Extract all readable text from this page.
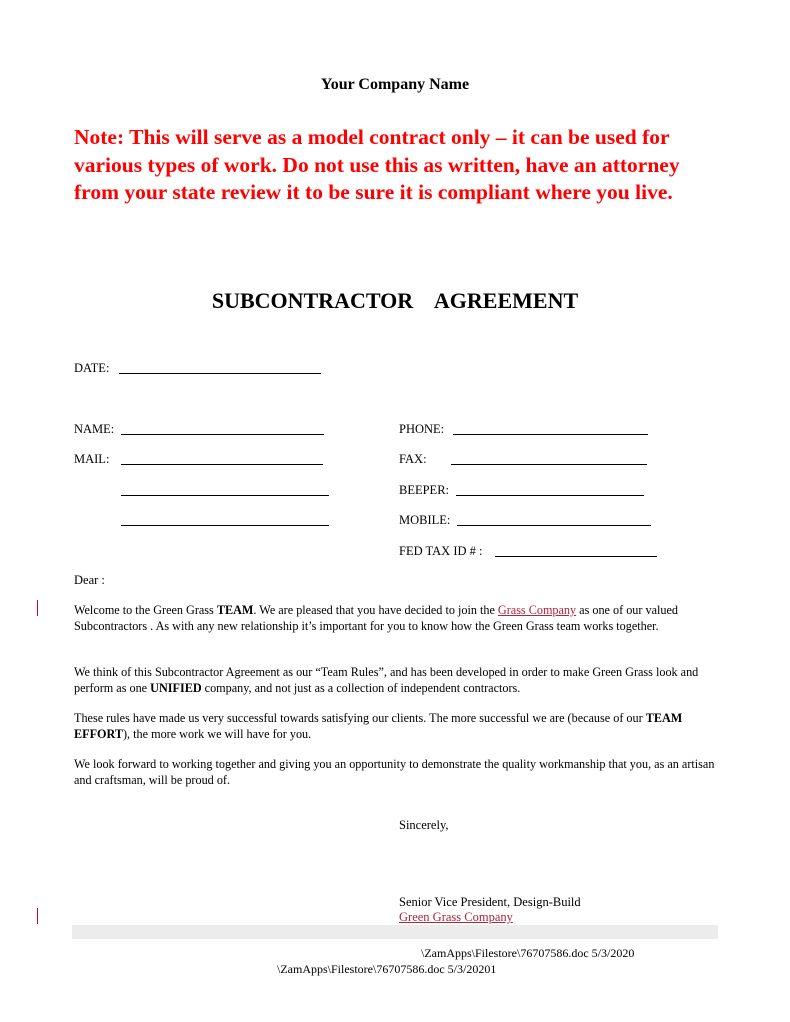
Your Company Name
Note: This will serve as a model contract only – it can be used for various types of work. Do not use this as written, have an attorney from your state review it to be sure it is compliant where you live.
SUBCONTRACTOR    AGREEMENT
DATE:
NAME:	PHONE:
MAIL:	FAX:
BEEPER:
MOBILE:
FED TAX ID # :
Dear :
Welcome to the Green Grass TEAM. We are pleased that you have decided to join the Grass Company as one of our valued Subcontractors . As with any new relationship it’s important for you to know how the Green Grass team works together.
We think of this Subcontractor Agreement as our “Team Rules”, and has been developed in order to make Green Grass look and perform as one UNIFIED company, and not just as a collection of independent contractors.
These rules have made us very successful towards satisfying our clients. The more successful we are (because of our TEAM EFFORT), the more work we will have for you.
We look forward to working together and giving you an opportunity to demonstrate the quality workmanship that you, as an artisan and craftsman, will be proud of.
Sincerely,
Senior Vice President, Design-Build
Green Grass Company
\ZamApps\Filestore\76707586.doc 5/3/2020
\ZamApps\Filestore\76707586.doc 5/3/20201
